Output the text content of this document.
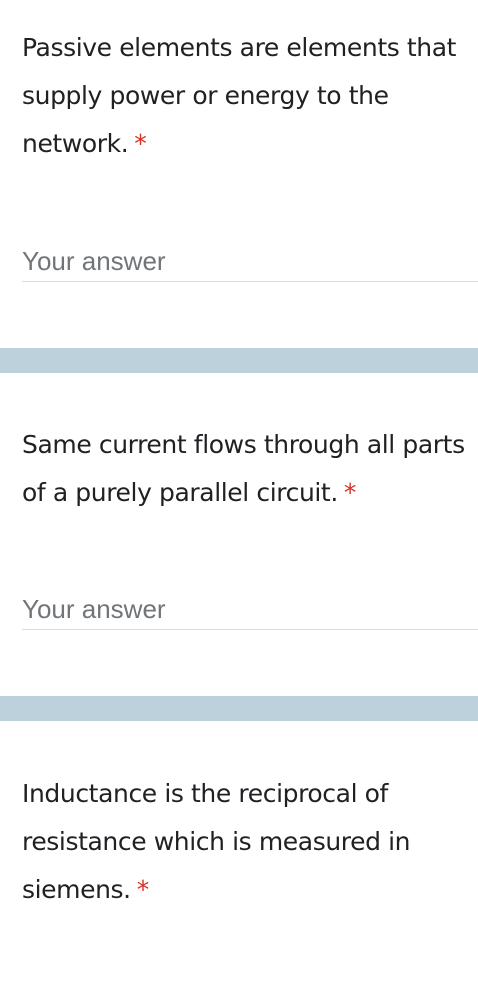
Passive elements are elements that supply power or energy to the network. *
Your answer
Same current flows through all parts of a purely parallel circuit. *
Your answer
Inductance is the reciprocal of resistance which is measured in siemens. *
